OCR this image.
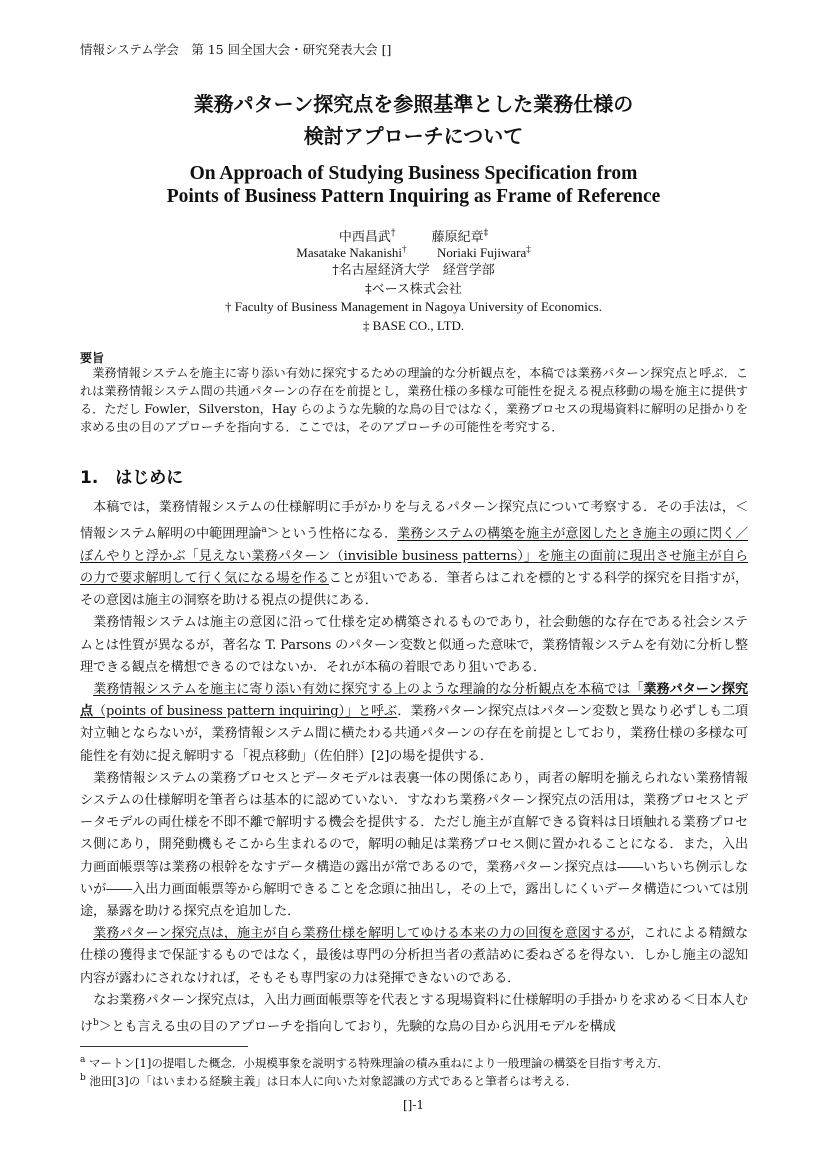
情報システム学会　第 15 回全国大会・研究発表大会 []
業務パターン探究点を参照基準とした業務仕様の
検討アプローチについて
On Approach of Studying Business Specification from
Points of Business Pattern Inquiring as Frame of Reference
中西昌武†	藤原紀章‡
Masatake Nakanishi† Noriaki Fujiwara‡
†名古屋経済大学　経営学部
‡ベース株式会社
† Faculty of Business Management in Nagoya University of Economics.
‡ BASE CO., LTD.
要旨
業務情報システムを施主に寄り添い有効に探究するための理論的な分析観点を，本稿では業務パターン探究点と呼ぶ．これは業務情報システム間の共通パターンの存在を前提とし，業務仕様の多様な可能性を捉える視点移動の場を施主に提供する．ただし Fowler，Silverston，Hay らのような先験的な鳥の目ではなく，業務プロセスの現場資料に解明の足掛かりを求める虫の目のアプローチを指向する．ここでは，そのアプローチの可能性を考究する．
1.　はじめに

本稿では，業務情報システムの仕様解明に手がかりを与えるパターン探究点について考察する．その手法は，＜情報システム解明の中範囲理論$^a$＞という性格になる．業務システムの構築を施主が意図したとき施主の頭に閃く／ぼんやりと浮かぶ「見えない業務パターン（invisible business patterns）」を施主の面前に現出させ施主が自らの力で要求解明して行く気になる場を作ることが狙いである．筆者らはこれを標的とする科学的探究を目指すが，その意図は施主の洞察を助ける視点の提供にある．

業務情報システムは施主の意図に沿って仕様を定め構築されるものであり，社会動態的な存在である社会システムとは性質が異なるが，著名な T. Parsons のパターン変数と似通った意味で，業務情報システムを有効に分析し整理できる観点を構想できるのではないか．それが本稿の着眼であり狙いである．

業務情報システムを施主に寄り添い有効に探究する上のような理論的な分析観点を本稿では「業務パターン探究点（points of business pattern inquiring）」と呼ぶ．業務パターン探究点はパターン変数と異なり必ずしも二項対立軸とならないが，業務情報システム間に横たわる共通パターンの存在を前提としており，業務仕様の多様な可能性を有効に捉え解明する「視点移動」（佐伯胖）[2]の場を提供する．

業務情報システムの業務プロセスとデータモデルは表裏一体の関係にあり，両者の解明を揃えられない業務情報システムの仕様解明を筆者らは基本的に認めていない．すなわち業務パターン探究点の活用は，業務プロセスとデータモデルの両仕様を不即不離で解明する機会を提供する．ただし施主が直解できる資料は日頃触れる業務プロセス側にあり，開発動機もそこから生まれるので，解明の軸足は業務プロセス側に置かれることになる．また，入出力画面帳票等は業務の根幹をなすデータ構造の露出が常であるので，業務パターン探究点は――いちいち例示しないが――入出力画面帳票等から解明できることを念頭に抽出し，その上で，露出しにくいデータ構造については別途，暴露を助ける探究点を追加した．

業務パターン探究点は，施主が自ら業務仕様を解明してゆける本来の力の回復を意図するが，これによる精緻な仕様の獲得まで保証するものではなく，最後は専門の分析担当者の煮詰めに委ねざるを得ない．しかし施主の認知内容が露わにされなければ，そもそも専門家の力は発揮できないのである．

なお業務パターン探究点は，入出力画面帳票等を代表とする現場資料に仕様解明の手掛かりを求める＜日本人むけ$^b$＞とも言える虫の目のアプローチを指向しており，先験的な鳥の目から汎用モデルを構成

$^a$ マートン[1]の提唱した概念．小規模事象を説明する特殊理論の積み重ねにより一般理論の構築を目指す考え方．
$^b$ 池田[3]の「はいまわる経験主義」は日本人に向いた対象認識の方式であると筆者らは考える．
[]-1
